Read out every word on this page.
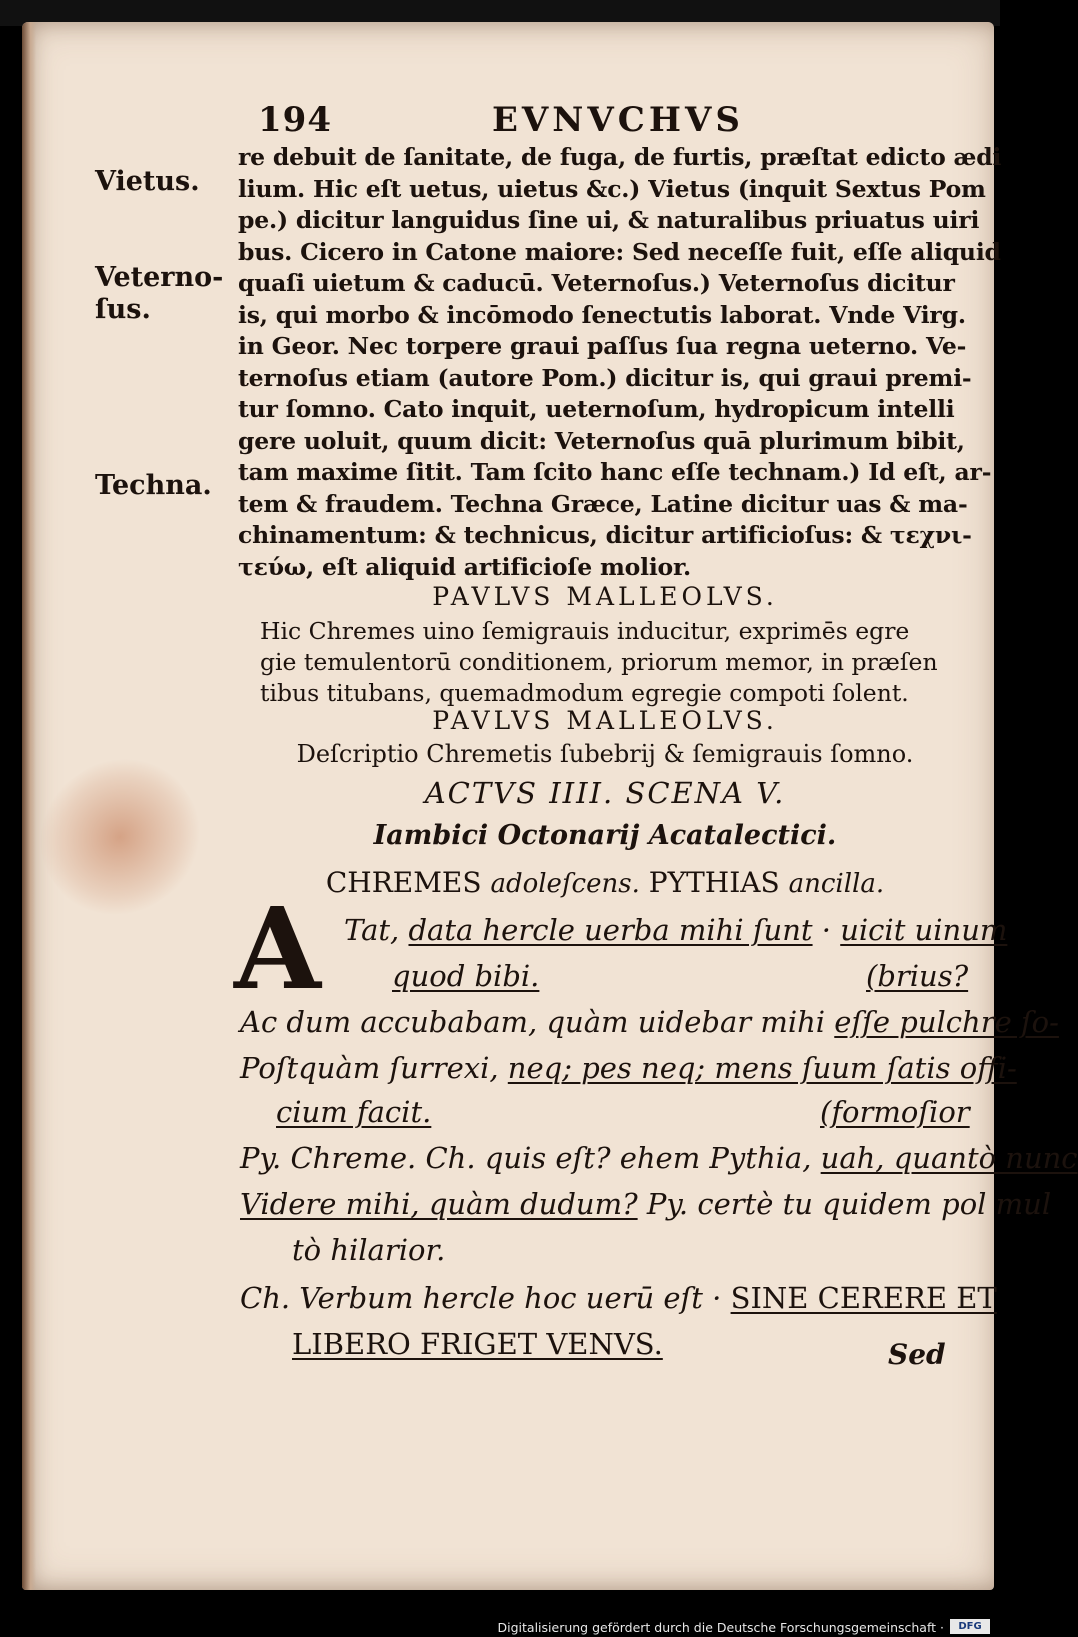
194	EVNVCHVS
Vietus.
Veterno-
ſus.
Techna.
re debuit de ſanitate, de fuga, de furtis, præſtat edicto ædi
lium. Hic eſt uetus, uietus &c.) Vietus (inquit Sextus Pom
pe.) dicitur languidus ſine ui, & naturalibus priuatus uiri
bus. Cicero in Catone maiore: Sed neceſſe fuit, eſſe aliquid
quaſi uietum & caducū. Veternoſus.) Veternoſus dicitur
is, qui morbo & incōmodo ſenectutis laborat. Vnde Virg.
in Geor. Nec torpere graui paſſus ſua regna ueterno. Ve-
ternoſus etiam (autore Pom.) dicitur is, qui graui premi-
tur ſomno. Cato inquit, ueternoſum, hydropicum intelli
gere uoluit, quum dicit: Veternoſus quā plurimum bibit,
tam maxime ſitit. Tam ſcito hanc eſſe technam.) Id eſt, ar-
tem & fraudem. Techna Græce, Latine dicitur uas & ma-
chinamentum: & technicus, dicitur artificioſus: & τεχνι-
τεύω, eſt aliquid artificioſe molior.
PAVLVS MALLEOLVS.
Hic Chremes uino ſemigrauis inducitur, exprimēs egre
gie temulentorū conditionem, priorum memor, in præſen
tibus titubans, quemadmodum egregie compoti ſolent.
PAVLVS MALLEOLVS.
Deſcriptio Chremetis ſubebrij & ſemigrauis ſomno.
ACTVS IIII. SCENA V.
Iambici Octonarij Acatalectici.
CHREMES adoleſcens. PYTHIAS ancilla.
A Tat, data hercle uerba mihi ſunt · uicit uinum
quod bibi.	(brius?
Ac dum accubabam, quàm uidebar mihi eſſe pulchre ſo-
Poſtquàm ſurrexi, neq; pes neq; mens ſuum ſatis offi-
cium facit.	(formoſior
Py. Chreme. Ch. quis eſt? ehem Pythia, uah, quantò nunc
Videre mihi, quàm dudum? Py. certè tu quidem pol mul
tò hilarior.
Ch. Verbum hercle hoc uerū eſt · SINE CERERE ET
LIBERO FRIGET VENVS.	Sed
Digitalisierung gefördert durch die Deutsche Forschungsgemeinschaft ·	DFG
